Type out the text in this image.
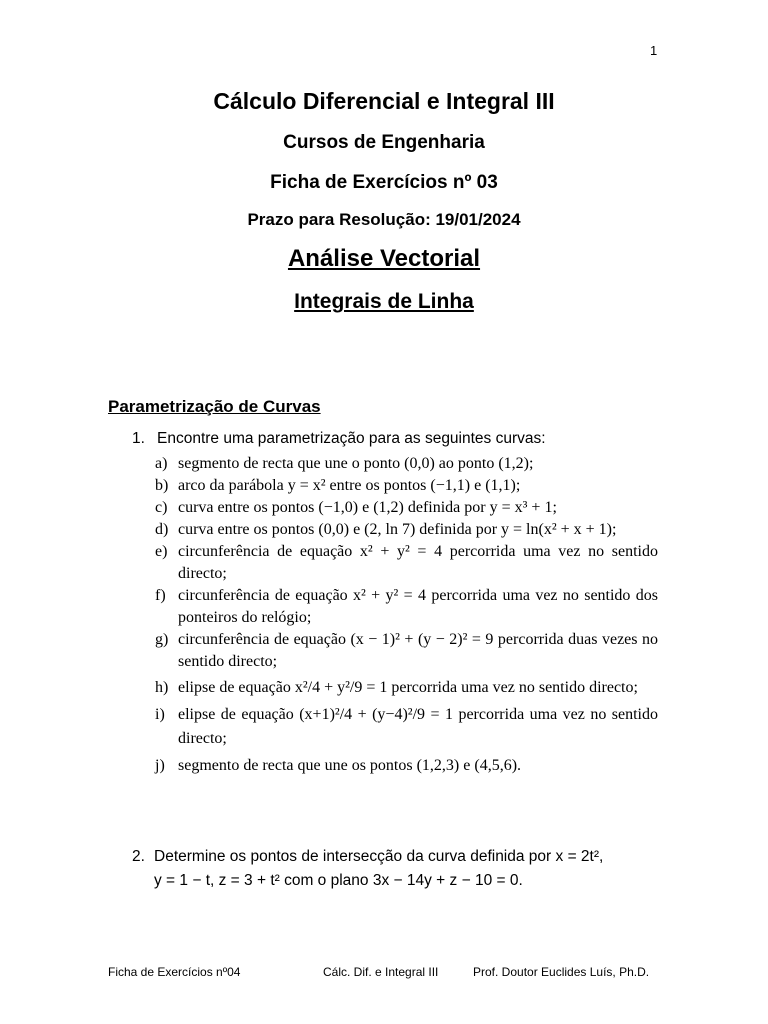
1
Cálculo Diferencial e Integral III
Cursos de Engenharia
Ficha de Exercícios nº 03
Prazo para Resolução: 19/01/2024
Análise Vectorial
Integrais de Linha
Parametrização de Curvas
1. Encontre uma parametrização para as seguintes curvas:
a) segmento de recta que une o ponto (0,0) ao ponto (1,2);
b) arco da parábola y = x² entre os pontos (−1,1) e (1,1);
c) curva entre os pontos (−1,0) e (1,2) definida por y = x³ + 1;
d) curva entre os pontos (0,0) e (2, ln 7) definida por y = ln(x² + x + 1);
e) circunferência de equação x² + y² = 4 percorrida uma vez no sentido directo;
f) circunferência de equação x² + y² = 4 percorrida uma vez no sentido dos ponteiros do relógio;
g) circunferência de equação (x − 1)² + (y − 2)² = 9 percorrida duas vezes no sentido directo;
h) elipse de equação x²/4 + y²/9 = 1 percorrida uma vez no sentido directo;
i) elipse de equação (x+1)²/4 + (y−4)²/9 = 1 percorrida uma vez no sentido directo;
j) segmento de recta que une os pontos (1,2,3) e (4,5,6).
2. Determine os pontos de intersecção da curva definida por x = 2t²,
y = 1 − t, z = 3 + t² com o plano 3x − 14y + z − 10 = 0.
Ficha de Exercícios nº04	Cálc. Dif. e Integral III	Prof. Doutor Euclides Luís, Ph.D.
